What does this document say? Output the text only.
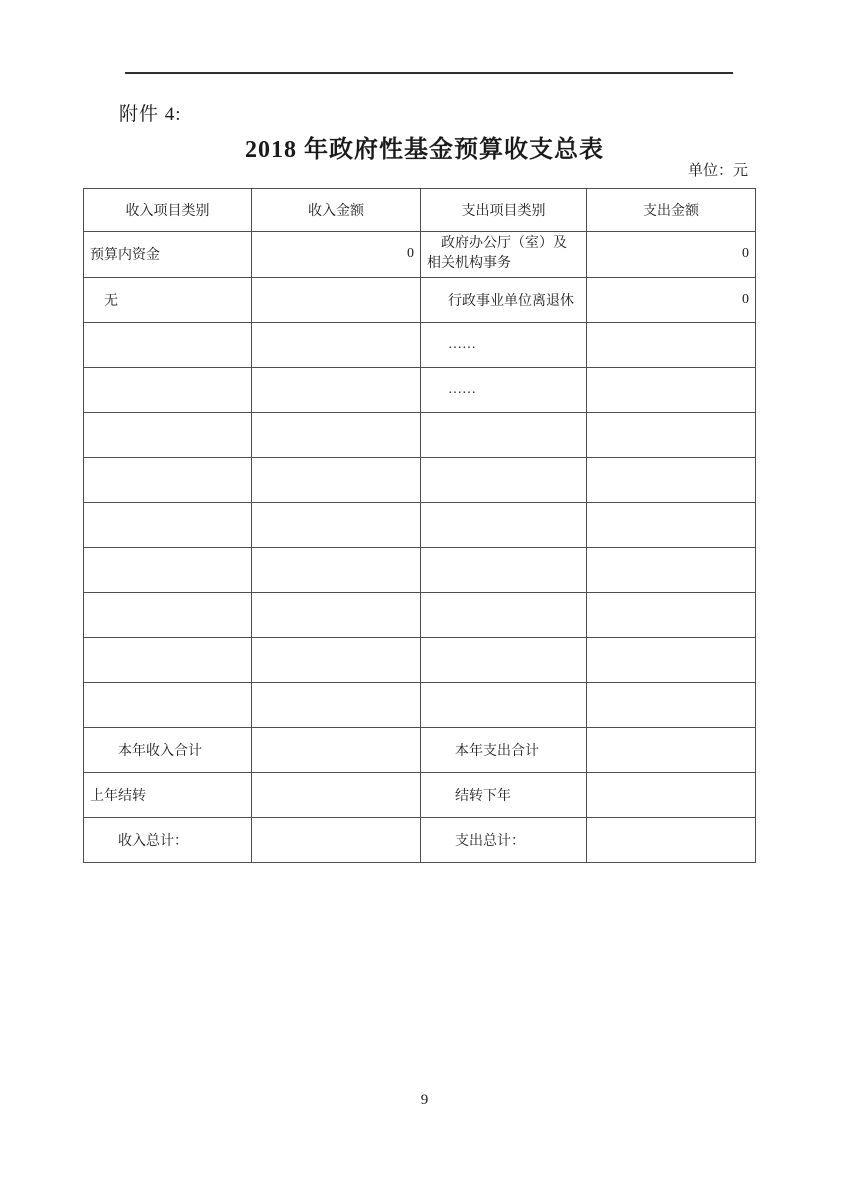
附件 4:
2018 年政府性基金预算收支总表
单位：元
收入项目类别	收入金额	支出项目类别	支出金额
预算内资金	0	政府办公厅（室）及相关机构事务	0
无		行政事业单位离退休	0
		……	
		……	

本年收入合计		本年支出合计	
上年结转		结转下年	
收入总计：		支出总计：	
9
